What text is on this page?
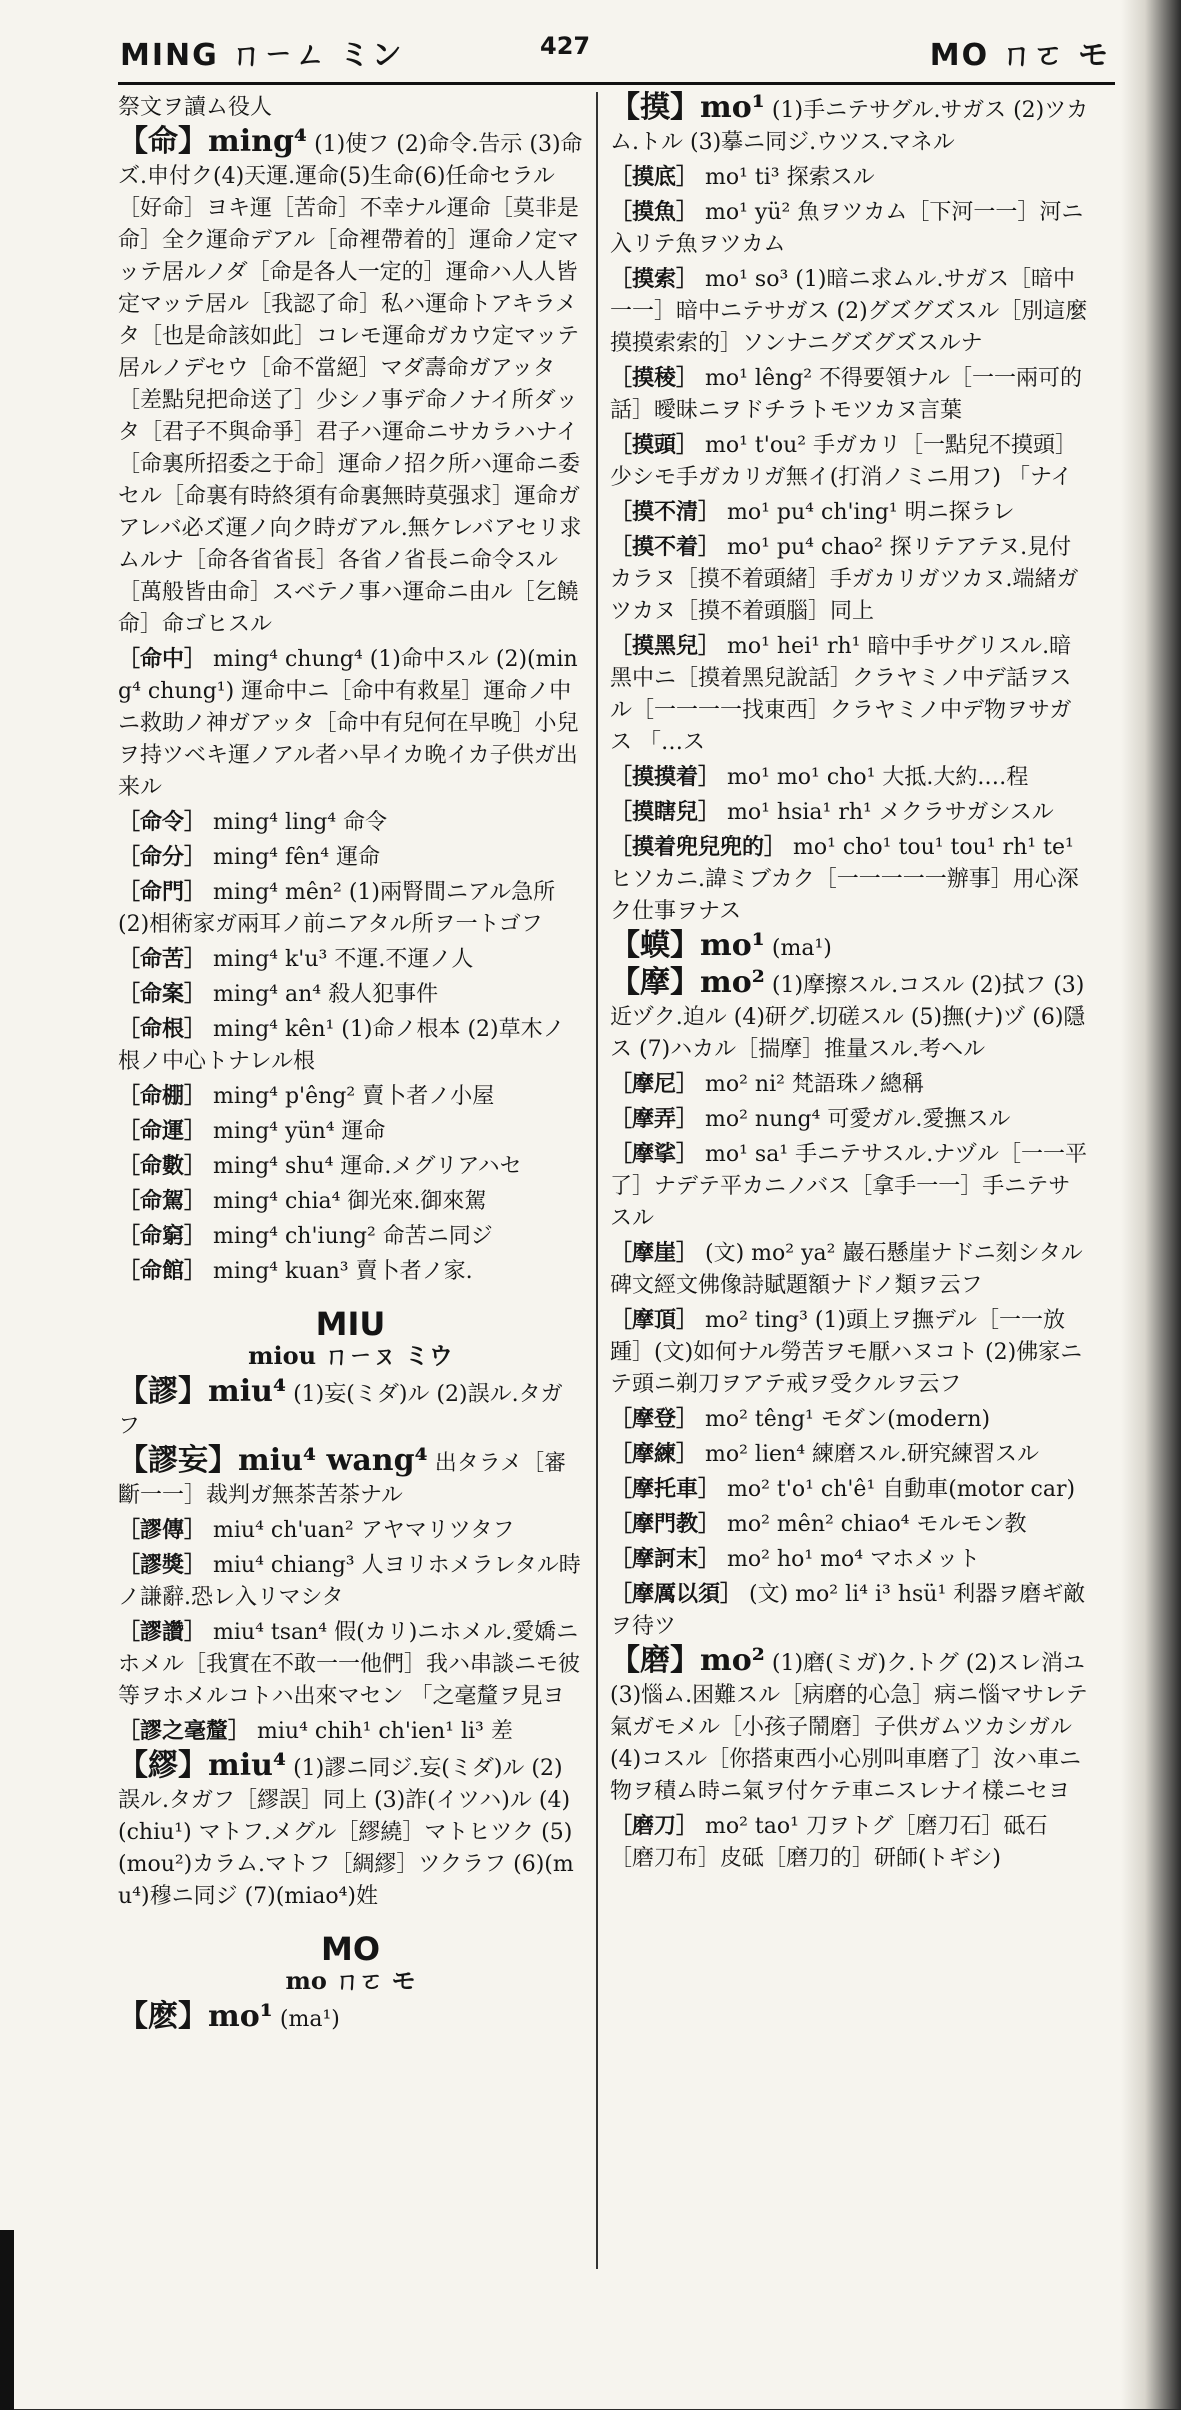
MING ㄇㄧㄥ ミン	427	MO ㄇㄛ モ
祭文ヲ讀ム役人
【命】ming⁴ (1)使フ (2)命令.告示 (3)命ズ.申付ク(4)天運.運命(5)生命(6)任命セラル ［好命］ヨキ運［苦命］不幸ナル運命［莫非是命］全ク運命デアル［命裡帶着的］運命ノ定マッテ居ルノダ［命是各人一定的］運命ハ人人皆定マッテ居ル［我認了命］私ハ運命トアキラメタ［也是命該如此］コレモ運命ガカウ定マッテ居ルノデセウ［命不當絕］マダ壽命ガアッタ［差點兒把命送了］少シノ事デ命ノナイ所ダッタ［君子不與命爭］君子ハ運命ニサカラハナイ［命裏所招委之于命］運命ノ招ク所ハ運命ニ委セル［命裏有時終須有命裏無時莫强求］運命ガアレバ必ズ運ノ向ク時ガアル.無ケレバアセリ求ムルナ［命各省省長］各省ノ省長ニ命令スル［萬般皆由命］スベテノ事ハ運命ニ由ル［乞饒命］命ゴヒスル
［命中］ ming⁴ chung⁴ (1)命中スル (2)(ming⁴ chung¹) 運命中ニ［命中有救星］運命ノ中ニ救助ノ神ガアッタ［命中有兒何在早晚］小兒ヲ持ツベキ運ノアル者ハ早イカ晩イカ子供ガ出来ル
［命令］ ming⁴ ling⁴ 命令
［命分］ ming⁴ fên⁴ 運命
［命門］ ming⁴ mên² (1)兩腎間ニアル急所 (2)相術家ガ兩耳ノ前ニアタル所ヲ一トゴフ
［命苦］ ming⁴ k'u³ 不運.不運ノ人
［命案］ ming⁴ an⁴ 殺人犯事件
［命根］ ming⁴ kên¹ (1)命ノ根本 (2)草木ノ根ノ中心トナレル根
［命棚］ ming⁴ p'êng² 賣卜者ノ小屋
［命運］ ming⁴ yün⁴ 運命
［命數］ ming⁴ shu⁴ 運命.メグリアハセ
［命駕］ ming⁴ chia⁴ 御光來.御來駕
［命窮］ ming⁴ ch'iung² 命苦ニ同ジ
［命館］ ming⁴ kuan³ 賣卜者ノ家.
MIU
miou ㄇㄧㄡ ミウ
【謬】miu⁴ (1)妄(ミダ)ル (2)誤ル.タガフ
【謬妄】miu⁴ wang⁴ 出タラメ［審斷一一］裁判ガ無茶苦茶ナル
［謬傳］ miu⁴ ch'uan² アヤマリツタフ
［謬獎］ miu⁴ chiang³ 人ヨリホメラレタル時ノ謙辭.恐レ入リマシタ
［謬讚］ miu⁴ tsan⁴ 假(カリ)ニホメル.愛嬌ニホメル［我實在不敢一一他們］我ハ串談ニモ彼等ヲホメルコトハ出來マセン 「之毫釐ヲ見ヨ
［謬之毫釐］ miu⁴ chih¹ ch'ien¹ li³ 差
【繆】miu⁴ (1)謬ニ同ジ.妄(ミダ)ル (2)誤ル.タガフ［繆誤］同上 (3)詐(イツハ)ル (4)(chiu¹) マトフ.メグル［繆繞］マトヒツク (5)(mou²)カラム.マトフ［綢繆］ツクラフ (6)(mu⁴)穆ニ同ジ (7)(miao⁴)姓
MO
mo ㄇㄛ モ
【麽】mo¹ (ma¹)
【摸】mo¹ (1)手ニテサグル.サガス (2)ツカム.トル (3)摹ニ同ジ.ウツス.マネル
［摸底］ mo¹ ti³ 探索スル
［摸魚］ mo¹ yü² 魚ヲツカム［下河一一］河ニ入リテ魚ヲツカム
［摸索］ mo¹ so³ (1)暗ニ求ムル.サガス［暗中一一］暗中ニテサガス (2)グズグズスル［別這麼摸摸索索的］ソンナニグズグズスルナ
［摸稜］ mo¹ lêng² 不得要領ナル［一一兩可的話］曖昧ニヲドチラトモツカヌ言葉
［摸頭］ mo¹ t'ou² 手ガカリ［一點兒不摸頭］少シモ手ガカリガ無イ(打消ノミニ用フ) 「ナイ
［摸不清］ mo¹ pu⁴ ch'ing¹ 明ニ探ラレ
［摸不着］ mo¹ pu⁴ chao² 探リテアテヌ.見付カラヌ［摸不着頭緒］手ガカリガツカヌ.端緒ガツカヌ［摸不着頭腦］同上
［摸黑兒］ mo¹ hei¹ rh¹ 暗中手サグリスル.暗黑中ニ［摸着黑兒說話］クラヤミノ中デ話ヲスル［一一一一找東西］クラヤミノ中デ物ヲサガス 「…ス
［摸摸着］ mo¹ mo¹ cho¹ 大抵.大約.…程
［摸瞎兒］ mo¹ hsia¹ rh¹ メクラサガシスル
［摸着兜兒兜的］ mo¹ cho¹ tou¹ tou¹ rh¹ te¹ ヒソカニ.諱ミブカク［一一一一一辦事］用心深ク仕事ヲナス
【蟆】mo¹ (ma¹)
【摩】mo² (1)摩擦スル.コスル (2)拭フ (3)近ヅク.迫ル (4)研グ.切磋スル (5)撫(ナ)ヅ (6)隱ス (7)ハカル［揣摩］推量スル.考ヘル
［摩尼］ mo² ni² 梵語珠ノ總稱
［摩弄］ mo² nung⁴ 可愛ガル.愛撫スル
［摩挲］ mo¹ sa¹ 手ニテサスル.ナヅル［一一平了］ナデテ平カニノバス［拿手一一］手ニテサスル
［摩崖］ (文) mo² ya² 巖石懸崖ナドニ刻シタル碑文經文佛像詩賦題額ナドノ類ヲ云フ
［摩頂］ mo² ting³ (1)頭上ヲ撫デル［一一放踵］(文)如何ナル勞苦ヲモ厭ハヌコト (2)佛家ニテ頭ニ剃刀ヲアテ戒ヲ受クルヲ云フ
［摩登］ mo² têng¹ モダン(modern)
［摩練］ mo² lien⁴ 練磨スル.研究練習スル
［摩托車］ mo² t'o¹ ch'ê¹ 自動車(motor car)
［摩門教］ mo² mên² chiao⁴ モルモン教
［摩訶末］ mo² ho¹ mo⁴ マホメット
［摩厲以須］ (文) mo² li⁴ i³ hsü¹ 利器ヲ磨ギ敵ヲ待ツ
【磨】mo² (1)磨(ミガ)ク.トグ (2)スレ消ユ (3)惱ム.困難スル［病磨的心急］病ニ惱マサレテ氣ガモメル［小孩子鬧磨］子供ガムツカシガル (4)コスル［你搭東西小心別叫車磨了］汝ハ車ニ物ヲ積ム時ニ氣ヲ付ケテ車ニスレナイ樣ニセヨ
［磨刀］ mo² tao¹ 刀ヲトグ［磨刀石］砥石［磨刀布］皮砥［磨刀的］研師(トギシ)
